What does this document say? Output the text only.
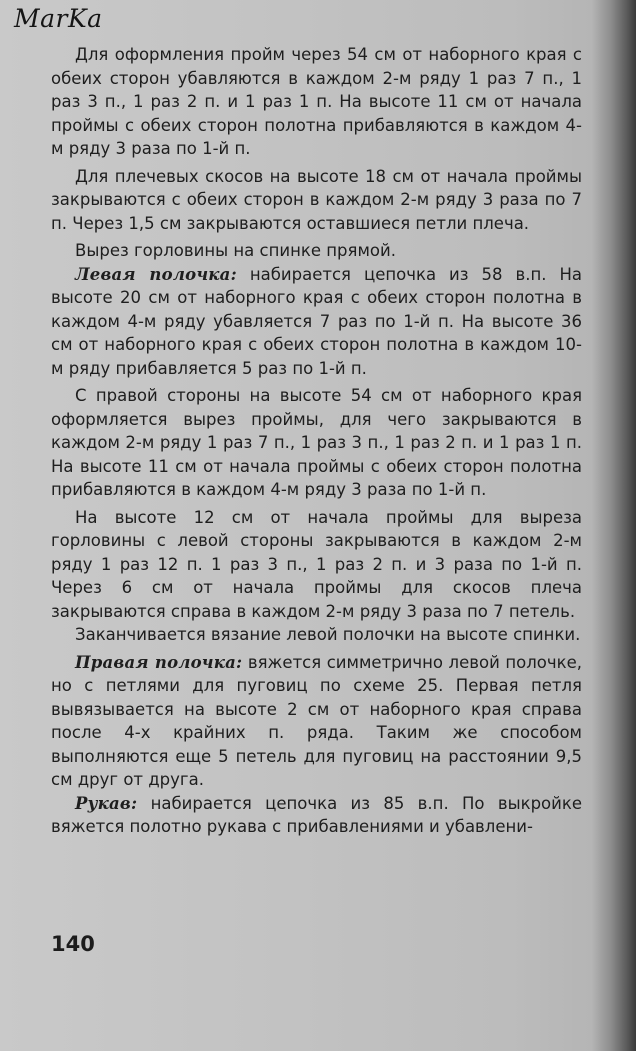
MarKa

Для оформления пройм через 54 см от наборного края с обеих сторон убавляются в каждом 2-м ряду 1 раз 7 п., 1 раз 3 п., 1 раз 2 п. и 1 раз 1 п. На высоте 11 см от начала проймы с обеих сторон полотна прибавляются в каждом 4-м ряду 3 раза по 1-й п.

Для плечевых скосов на высоте 18 см от начала проймы закрываются с обеих сторон в каждом 2-м ряду 3 раза по 7 п. Через 1,5 см закрываются оставшиеся петли плеча.

Вырез горловины на спинке прямой.

Левая полочка: набирается цепочка из 58 в.п. На высоте 20 см от наборного края с обеих сторон полотна в каждом 4-м ряду убавляется 7 раз по 1-й п. На высоте 36 см от наборного края с обеих сторон полотна в каждом 10-м ряду прибавляется 5 раз по 1-й п.

С правой стороны на высоте 54 см от наборного края оформляется вырез проймы, для чего закрываются в каждом 2-м ряду 1 раз 7 п., 1 раз 3 п., 1 раз 2 п. и 1 раз 1 п. На высоте 11 см от начала проймы с обеих сторон полотна прибавляются в каждом 4-м ряду 3 раза по 1-й п.

На высоте 12 см от начала проймы для выреза горловины с левой стороны закрываются в каждом 2-м ряду 1 раз 12 п. 1 раз 3 п., 1 раз 2 п. и 3 раза по 1-й п. Через 6 см от начала проймы для скосов плеча закрываются справа в каждом 2-м ряду 3 раза по 7 петель.

Заканчивается вязание левой полочки на высоте спинки.

Правая полочка: вяжется симметрично левой полочке, но с петлями для пуговиц по схеме 25. Первая петля вывязывается на высоте 2 см от наборного края справа после 4-х крайних п. ряда. Таким же способом выполняются еще 5 петель для пуговиц на расстоянии 9,5 см друг от друга.

Рукав: набирается цепочка из 85 в.п. По выкройке вяжется полотно рукава с прибавлениями и убавлени-

140
